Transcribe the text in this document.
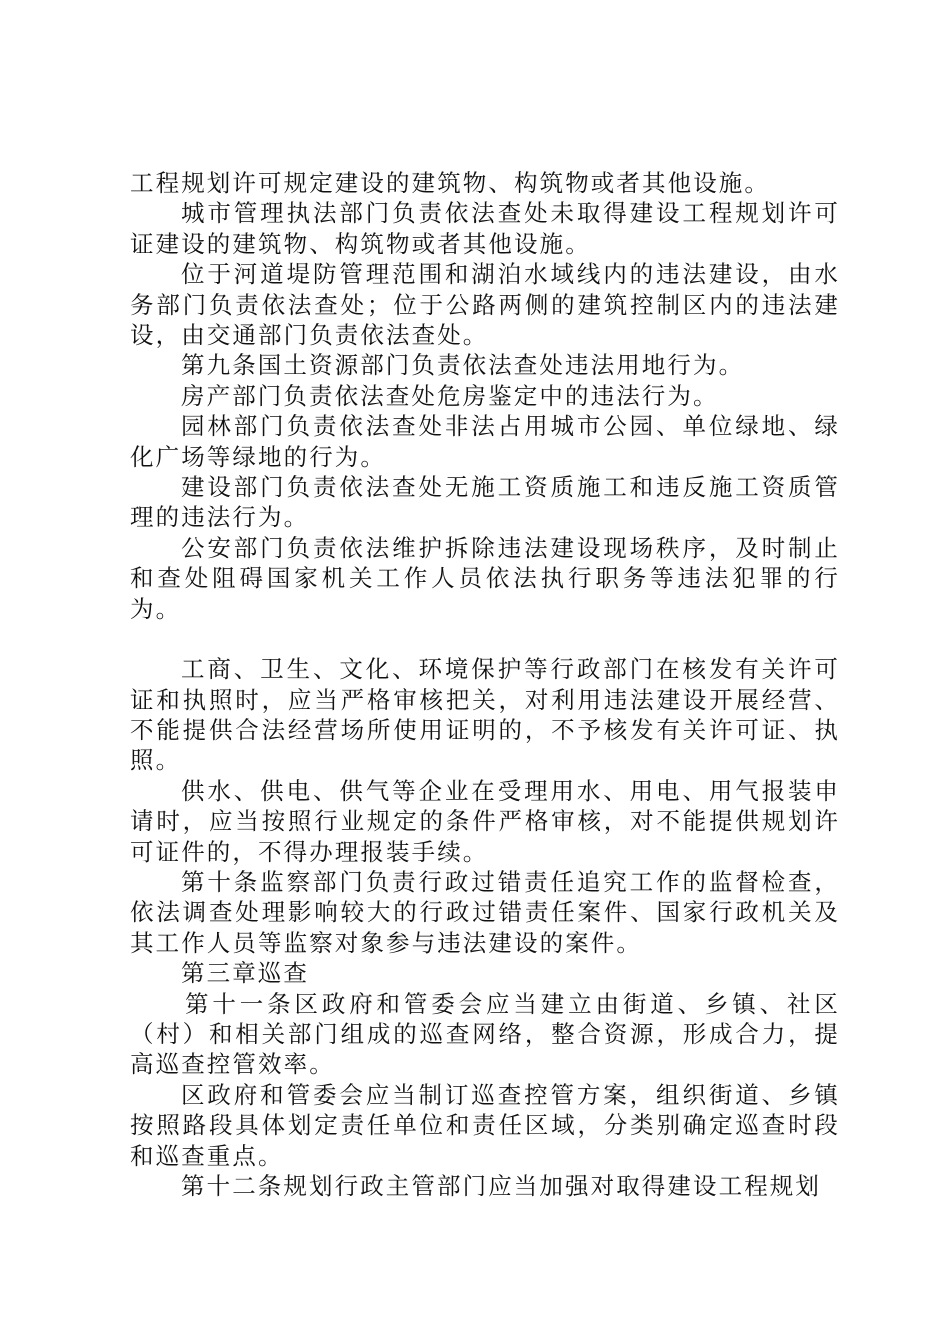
工程规划许可规定建设的建筑物、构筑物或者其他设施。

城市管理执法部门负责依法查处未取得建设工程规划许可证建设的建筑物、构筑物或者其他设施。

位于河道堤防管理范围和湖泊水域线内的违法建设，由水务部门负责依法查处；位于公路两侧的建筑控制区内的违法建设，由交通部门负责依法查处。

第九条国土资源部门负责依法查处违法用地行为。

房产部门负责依法查处危房鉴定中的违法行为。

园林部门负责依法查处非法占用城市公园、单位绿地、绿化广场等绿地的行为。

建设部门负责依法查处无施工资质施工和违反施工资质管理的违法行为。

公安部门负责依法维护拆除违法建设现场秩序，及时制止和查处阻碍国家机关工作人员依法执行职务等违法犯罪的行为。

工商、卫生、文化、环境保护等行政部门在核发有关许可证和执照时，应当严格审核把关，对利用违法建设开展经营、不能提供合法经营场所使用证明的，不予核发有关许可证、执照。

供水、供电、供气等企业在受理用水、用电、用气报装申请时，应当按照行业规定的条件严格审核，对不能提供规划许可证件的，不得办理报装手续。

第十条监察部门负责行政过错责任追究工作的监督检查，依法调查处理影响较大的行政过错责任案件、国家行政机关及其工作人员等监察对象参与违法建设的案件。

第三章巡查

第十一条区政府和管委会应当建立由街道、乡镇、社区（村）和相关部门组成的巡查网络，整合资源，形成合力，提高巡查控管效率。

区政府和管委会应当制订巡查控管方案，组织街道、乡镇按照路段具体划定责任单位和责任区域，分类别确定巡查时段和巡查重点。

第十二条规划行政主管部门应当加强对取得建设工程规划
